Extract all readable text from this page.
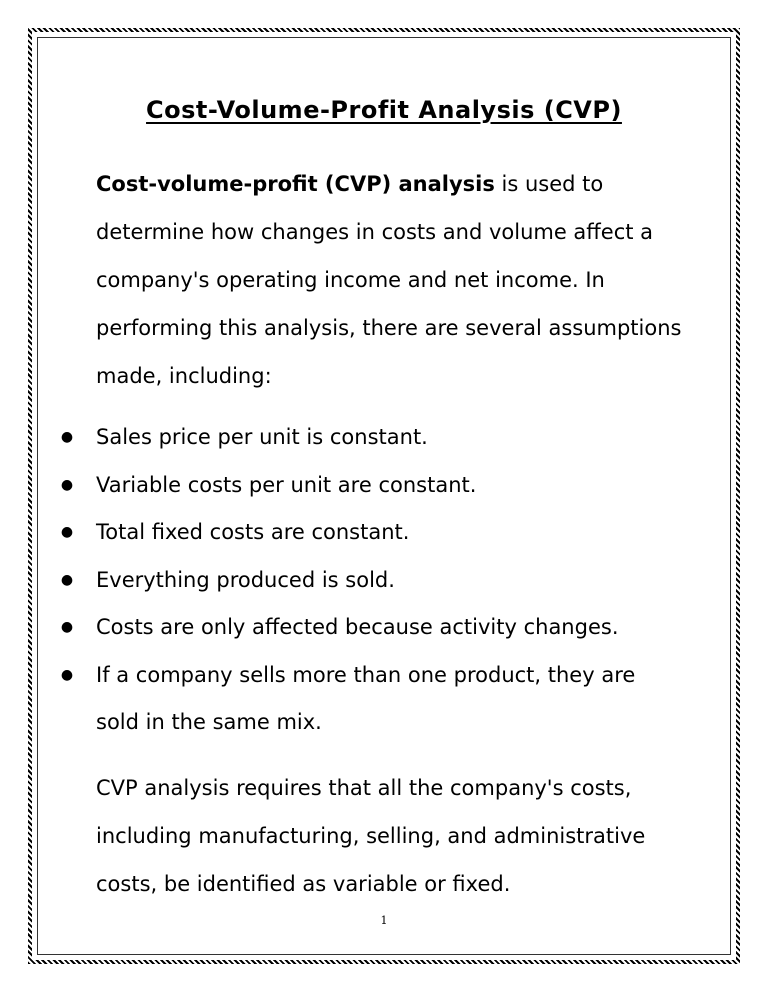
Cost-Volume-Profit Analysis (CVP)

Cost-volume-profit (CVP) analysis is used to determine how changes in costs and volume affect a company's operating income and net income. In performing this analysis, there are several assumptions made, including:

● Sales price per unit is constant.
● Variable costs per unit are constant.
● Total fixed costs are constant.
● Everything produced is sold.
● Costs are only affected because activity changes.
● If a company sells more than one product, they are sold in the same mix.

CVP analysis requires that all the company's costs, including manufacturing, selling, and administrative costs, be identified as variable or fixed.

1
